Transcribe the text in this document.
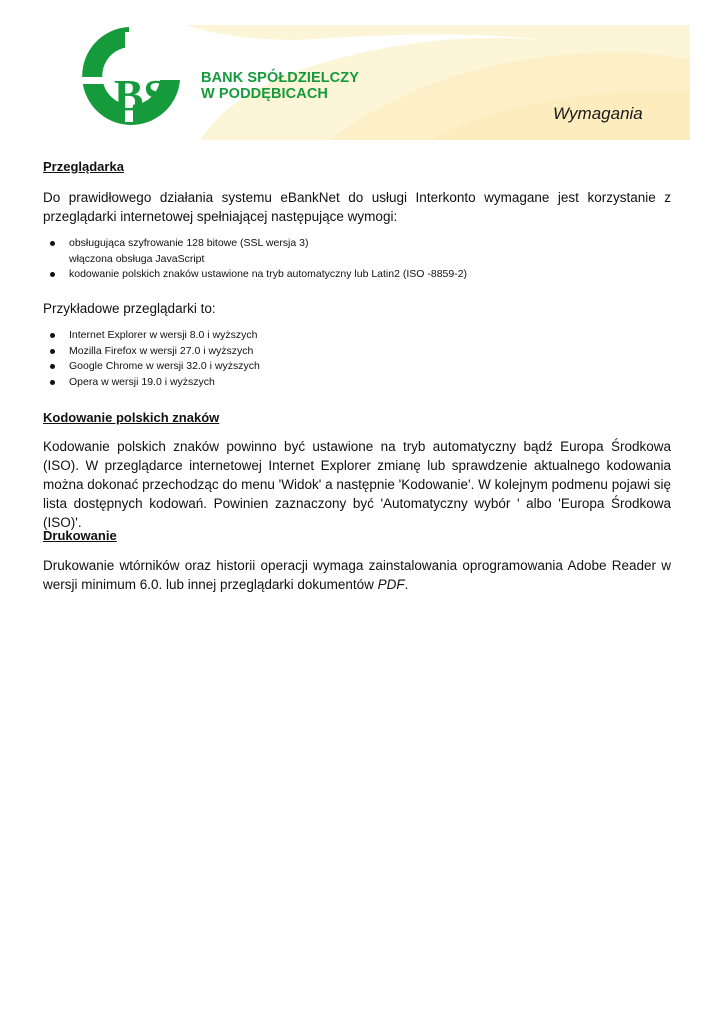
BS BANK SPÓŁDZIELCZY
W PODDĘBICACH
Wymagania
Przeglądarka

Do prawidłowego działania systemu eBankNet do usługi Interkonto wymagane jest korzystanie z przeglądarki internetowej spełniającej następujące wymogi:

obsługująca szyfrowanie 128 bitowe (SSL wersja 3)
włączona obsługa JavaScript
kodowanie polskich znaków ustawione na tryb automatyczny lub Latin2 (ISO -8859-2)

Przykładowe przeglądarki to:

Internet Explorer w wersji 8.0 i wyższych
Mozilla Firefox w wersji 27.0 i wyższych
Google Chrome w wersji 32.0 i wyższych
Opera w wersji 19.0 i wyższych
Kodowanie polskich znaków

Kodowanie polskich znaków powinno być ustawione na tryb automatyczny bądź Europa Środkowa (ISO). W przeglądarce internetowej Internet Explorer zmianę lub sprawdzenie aktualnego kodowania można dokonać przechodząc do menu 'Widok' a następnie 'Kodowanie'. W kolejnym podmenu pojawi się lista dostępnych kodowań. Powinien zaznaczony być 'Automatyczny wybór ' albo 'Europa Środkowa (ISO)'.

Drukowanie

Drukowanie wtórników oraz historii operacji wymaga zainstalowania oprogramowania Adobe Reader w wersji minimum 6.0. lub innej przeglądarki dokumentów PDF.
